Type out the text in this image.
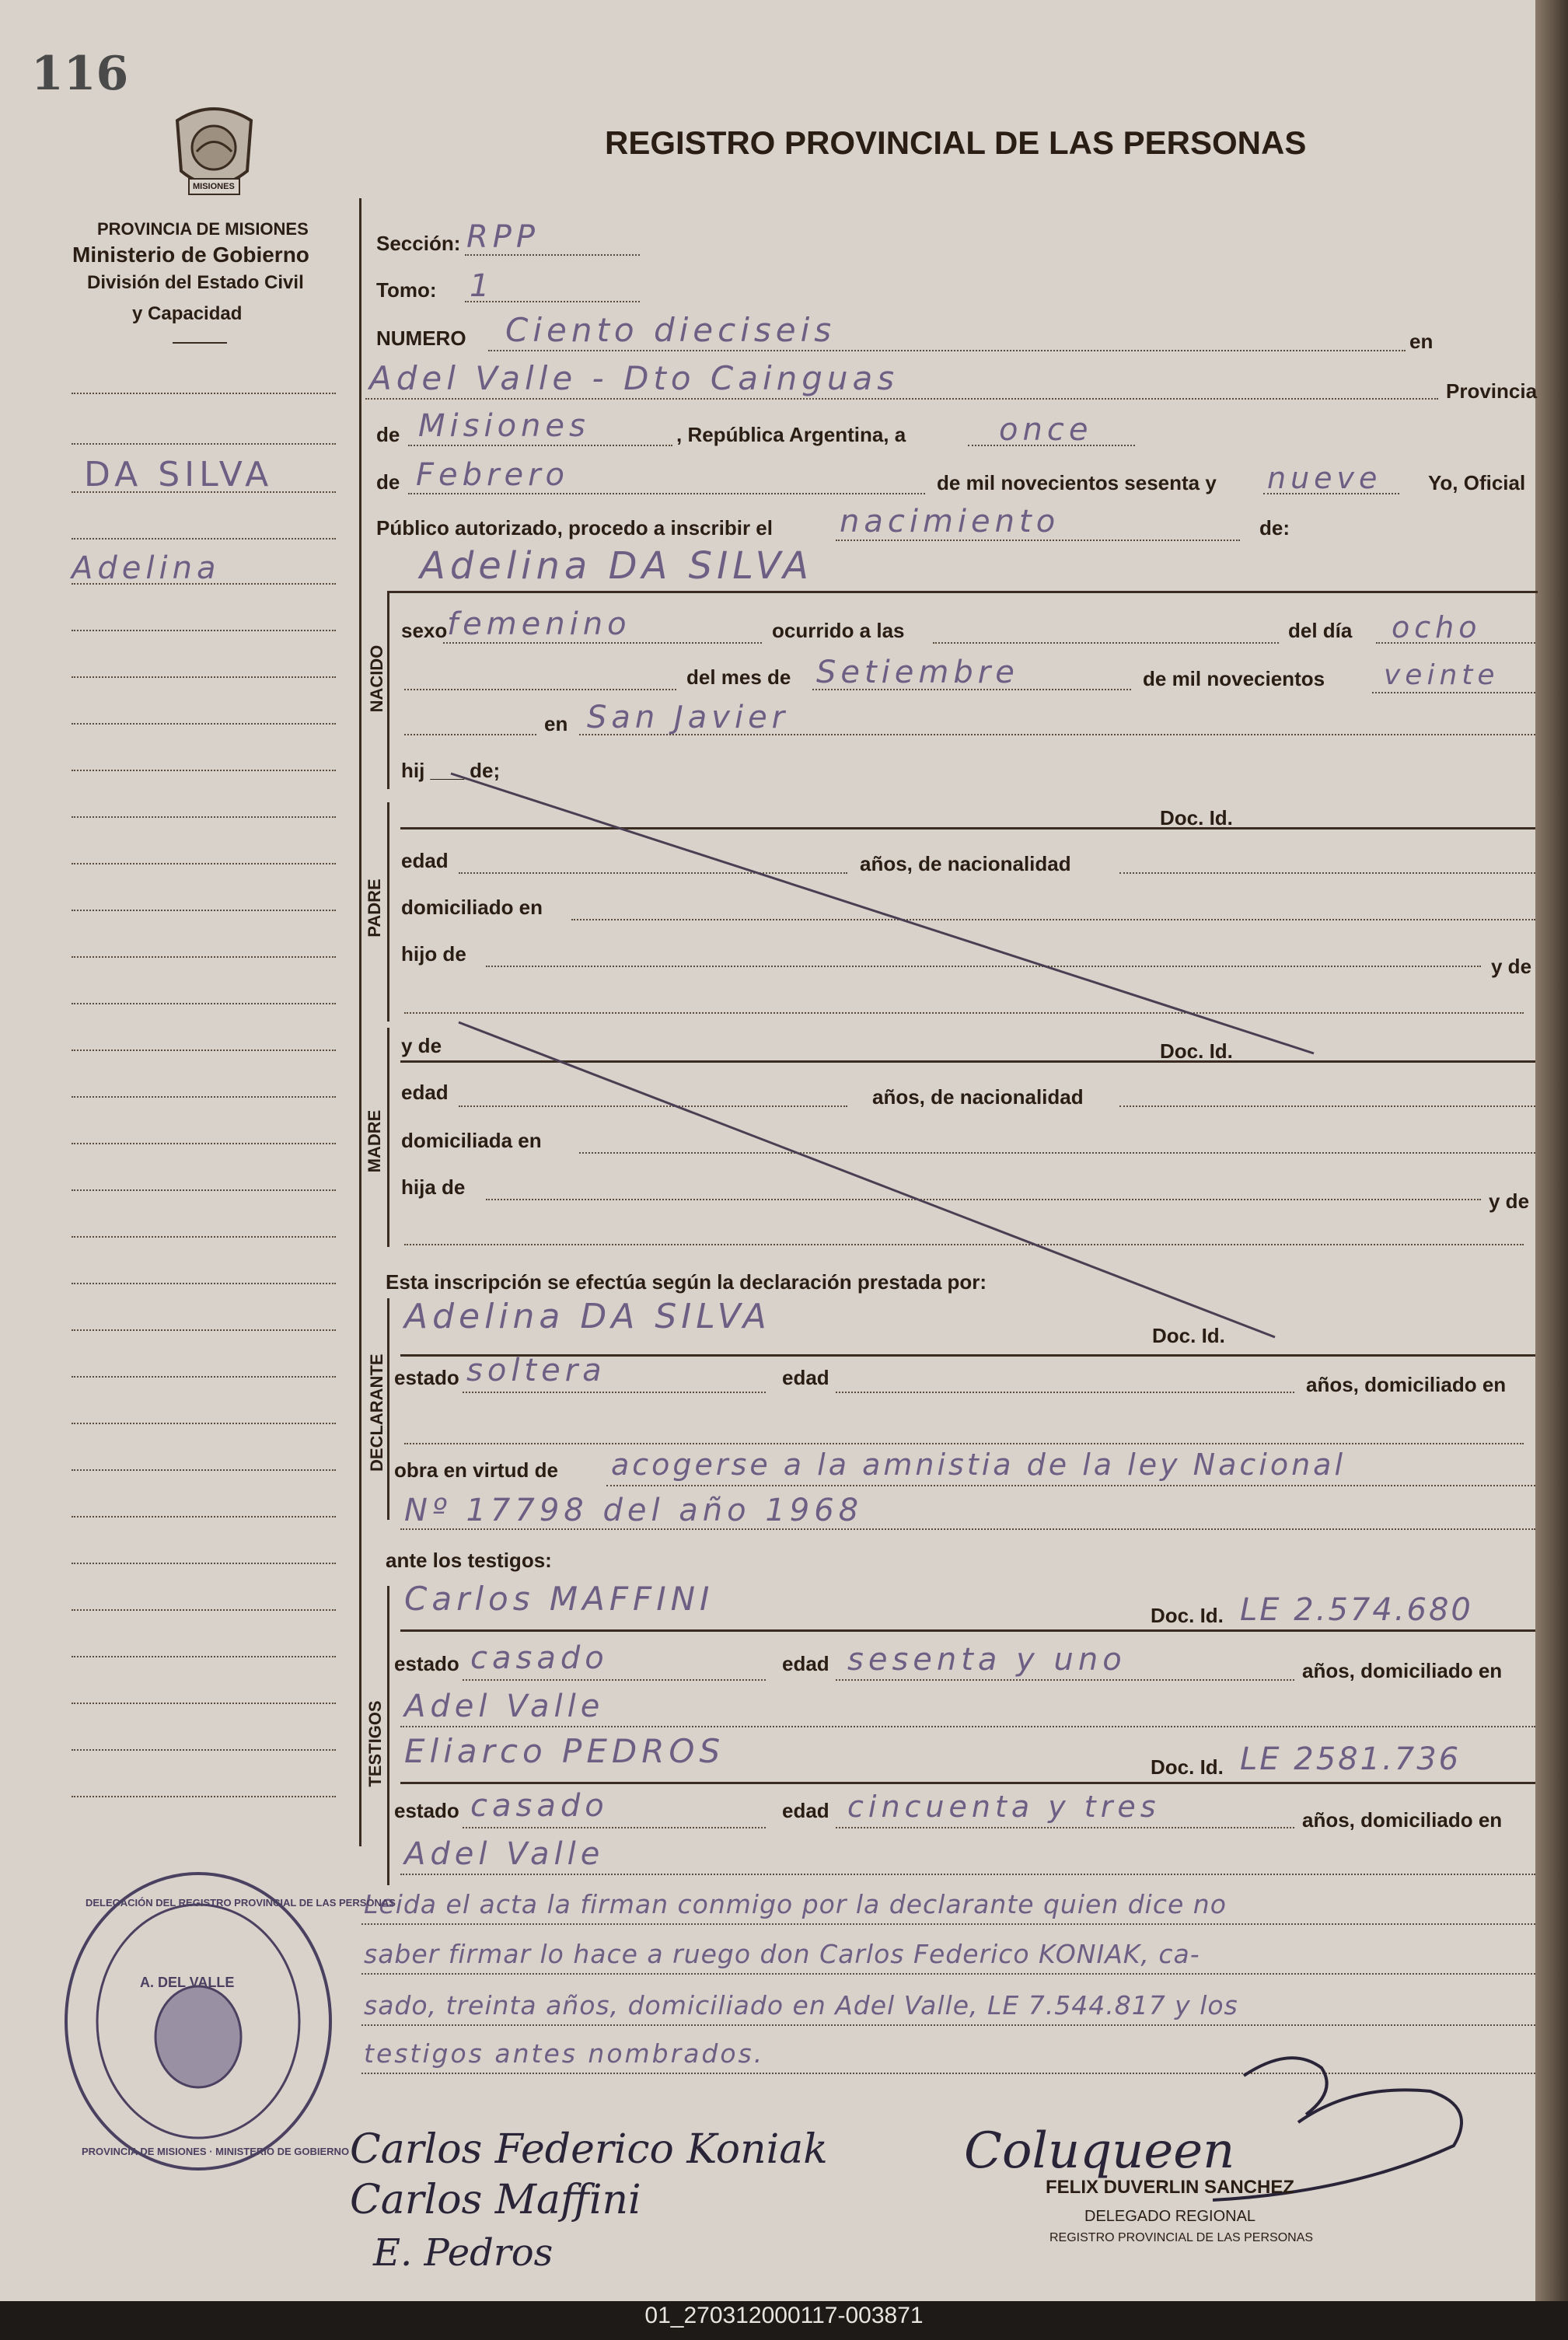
01_270312000117-003871
116
MISIONES
PROVINCIA DE MISIONES
Ministerio de Gobierno
División del Estado Civil
y Capacidad
REGISTRO PROVINCIAL DE LAS PERSONAS
DA SILVA
Adelina
Sección: RPP
Tomo: 1
NUMERO Ciento dieciseis	en
Adel Valle - Dto Cainguas	Provincia
de Misiones	, República Argentina, a	once
de Febrero	de mil novecientos sesenta y nueve Yo, Oficial
Público autorizado, procedo a inscribir el nacimiento	de:
Adelina DA SILVA
NACIDO
sexo femenino	ocurrido a las	del día ocho
del mes de Setiembre	de mil novecientos veinte
en San Javier
hij ___ de;
PADRE
Doc. Id.
edad	años, de nacionalidad
domiciliado en
hijo de
y de
MADRE
y de	Doc. Id.
edad	años, de nacionalidad
domiciliada en
hija de
y de
Esta inscripción se efectúa según la declaración prestada por:
Adelina DA SILVA
DECLARANTE
Doc. Id.
estado soltera	edad	años, domiciliado en
obra en virtud de acogerse a la amnistia de la ley Nacional
Nº 17798 del año 1968
ante los testigos:
Carlos MAFFINI
TESTIGOS
Doc. Id. LE 2.574.680
estado casado	edad sesenta y uno	años, domiciliado en
Adel Valle
Eliarco PEDROS	Doc. Id. LE 2581.736
estado casado	edad cincuenta y tres	años, domiciliado en
Adel Valle
Leida el acta la firman conmigo por la declarante quien dice no
saber firmar lo hace a ruego don Carlos Federico KONIAK, ca-
sado, treinta años, domiciliado en Adel Valle, LE 7.544.817 y los
testigos antes nombrados.
DELEGACIÓN DEL REGISTRO PROVINCIAL DE LAS PERSONAS
A. DEL VALLE
PROVINCIA DE MISIONES · MINISTERIO DE GOBIERNO Carlos Federico Koniak
Carlos Maffini
E. Pedros
Coluqueen
FELIX DUVERLIN SANCHEZ
DELEGADO REGIONAL
REGISTRO PROVINCIAL DE LAS PERSONAS
